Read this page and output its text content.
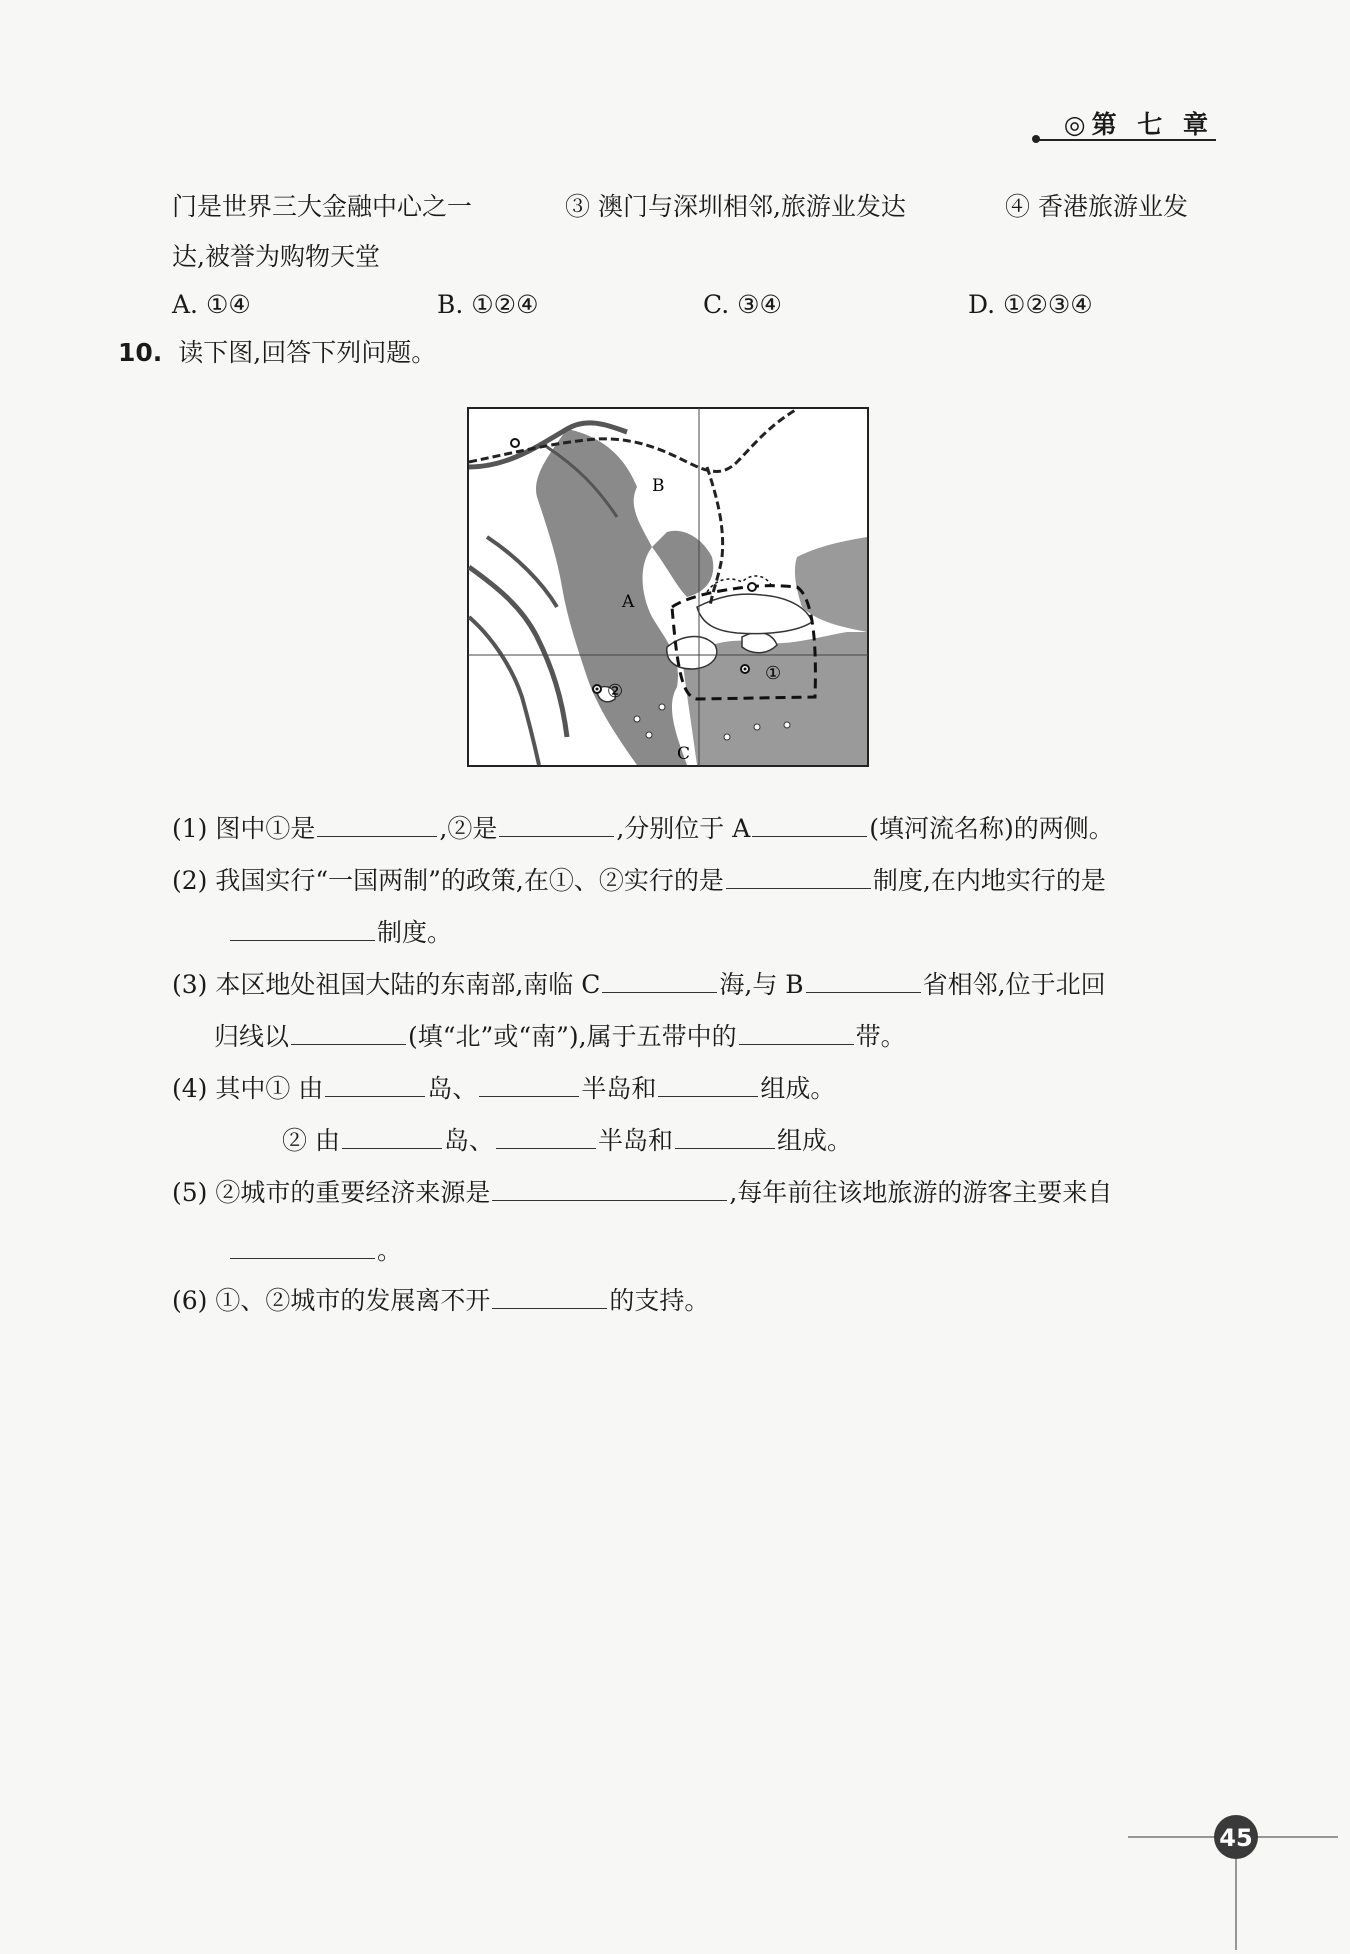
◎第 七 章
门是世界三大金融中心之一	③ 澳门与深圳相邻,旅游业发达	④ 香港旅游业发
达,被誉为购物天堂
A. ①④	B. ①②④	C. ③④	D. ①②③④
10. 读下图,回答下列问题。
B
A
C
①
②
(1) 图中①是	,②是	,分别位于 A	(填河流名称)的两侧。
(2) 我国实行“一国两制”的政策,在①、②实行的是	制度,在内地实行的是
制度。
(3) 本区地处祖国大陆的东南部,南临 C	海,与 B	省相邻,位于北回
归线以	(填“北”或“南”),属于五带中的	带。
(4) 其中① 由	岛、	半岛和	组成。
② 由	岛、	半岛和	组成。
(5) ②城市的重要经济来源是	,每年前往该地旅游的游客主要来自
。
(6) ①、②城市的发展离不开	的支持。
45
